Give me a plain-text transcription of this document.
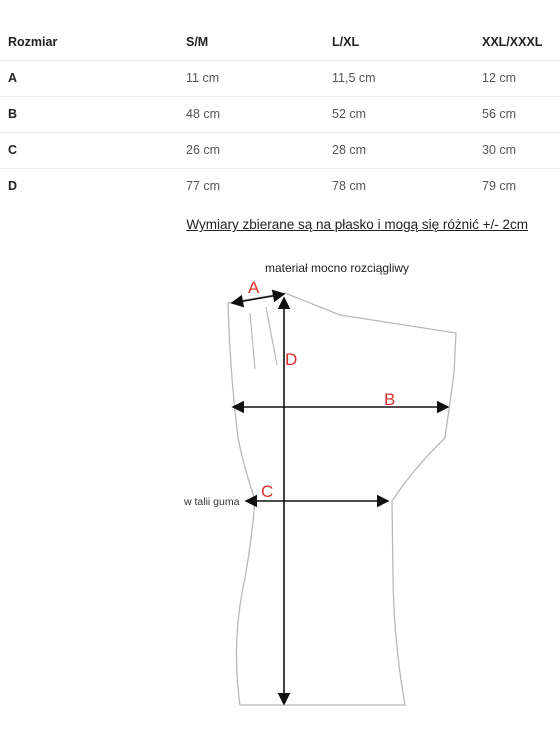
Rozmiar	S/M	L/XL	XXL/XXXL
A	11 cm	11,5 cm	12 cm
B	48 cm	52 cm	56 cm
C	26 cm	28 cm	30 cm
D	77 cm	78 cm	79 cm
Wymiary zbierane są na płasko i mogą się różnić +/- 2cm
materiał mocno rozciągliwy
w talii guma
A
D
B
C
